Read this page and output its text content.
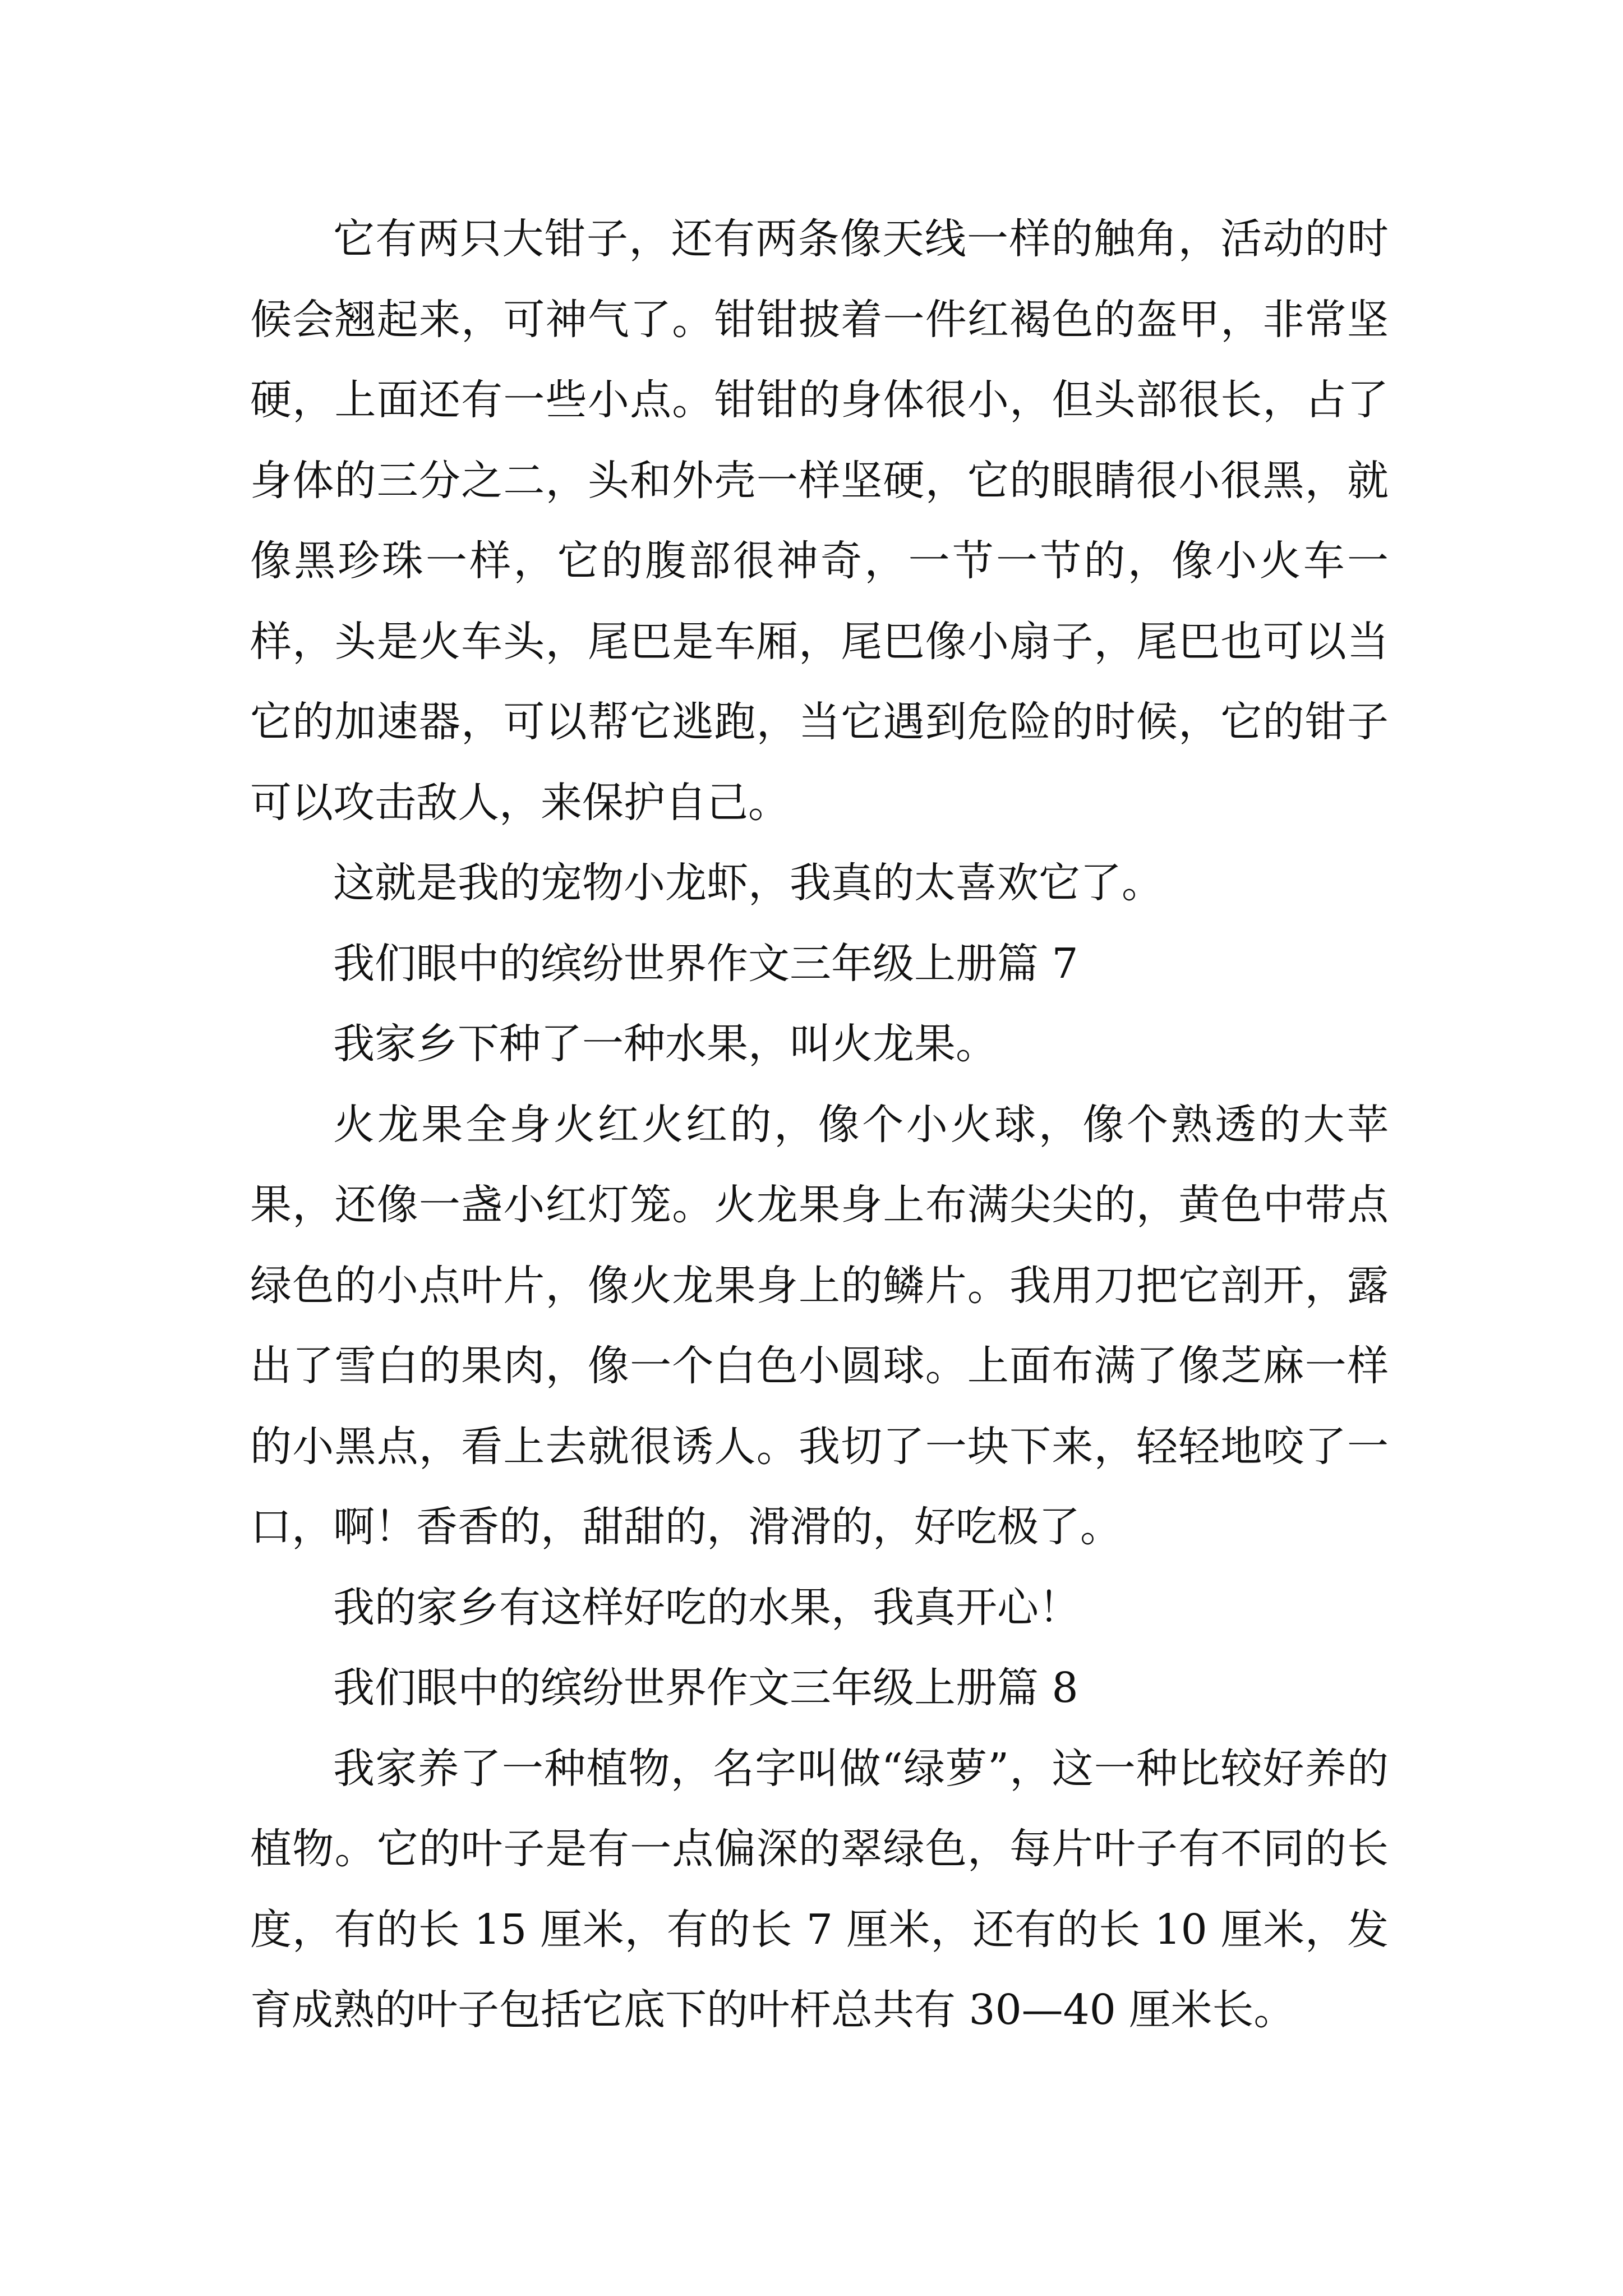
它有两只大钳子，还有两条像天线一样的触角，活动的时候会翘起来，可神气了。钳钳披着一件红褐色的盔甲，非常坚硬，上面还有一些小点。钳钳的身体很小，但头部很长，占了身体的三分之二，头和外壳一样坚硬，它的眼睛很小很黑，就像黑珍珠一样，它的腹部很神奇，一节一节的，像小火车一样，头是火车头，尾巴是车厢，尾巴像小扇子，尾巴也可以当它的加速器，可以帮它逃跑，当它遇到危险的时候，它的钳子可以攻击敌人，来保护自己。

这就是我的宠物小龙虾，我真的太喜欢它了。

我们眼中的缤纷世界作文三年级上册篇 7

我家乡下种了一种水果，叫火龙果。

火龙果全身火红火红的，像个小火球，像个熟透的大苹果，还像一盏小红灯笼。火龙果身上布满尖尖的，黄色中带点绿色的小点叶片，像火龙果身上的鳞片。我用刀把它剖开，露出了雪白的果肉，像一个白色小圆球。上面布满了像芝麻一样的小黑点，看上去就很诱人。我切了一块下来，轻轻地咬了一口，啊！香香的，甜甜的，滑滑的，好吃极了。

我的家乡有这样好吃的水果，我真开心！

我们眼中的缤纷世界作文三年级上册篇 8

我家养了一种植物，名字叫做“绿萝”，这一种比较好养的植物。它的叶子是有一点偏深的翠绿色，每片叶子有不同的长度，有的长 15 厘米，有的长 7 厘米，还有的长 10 厘米，发育成熟的叶子包括它底下的叶杆总共有 30—40 厘米长。
